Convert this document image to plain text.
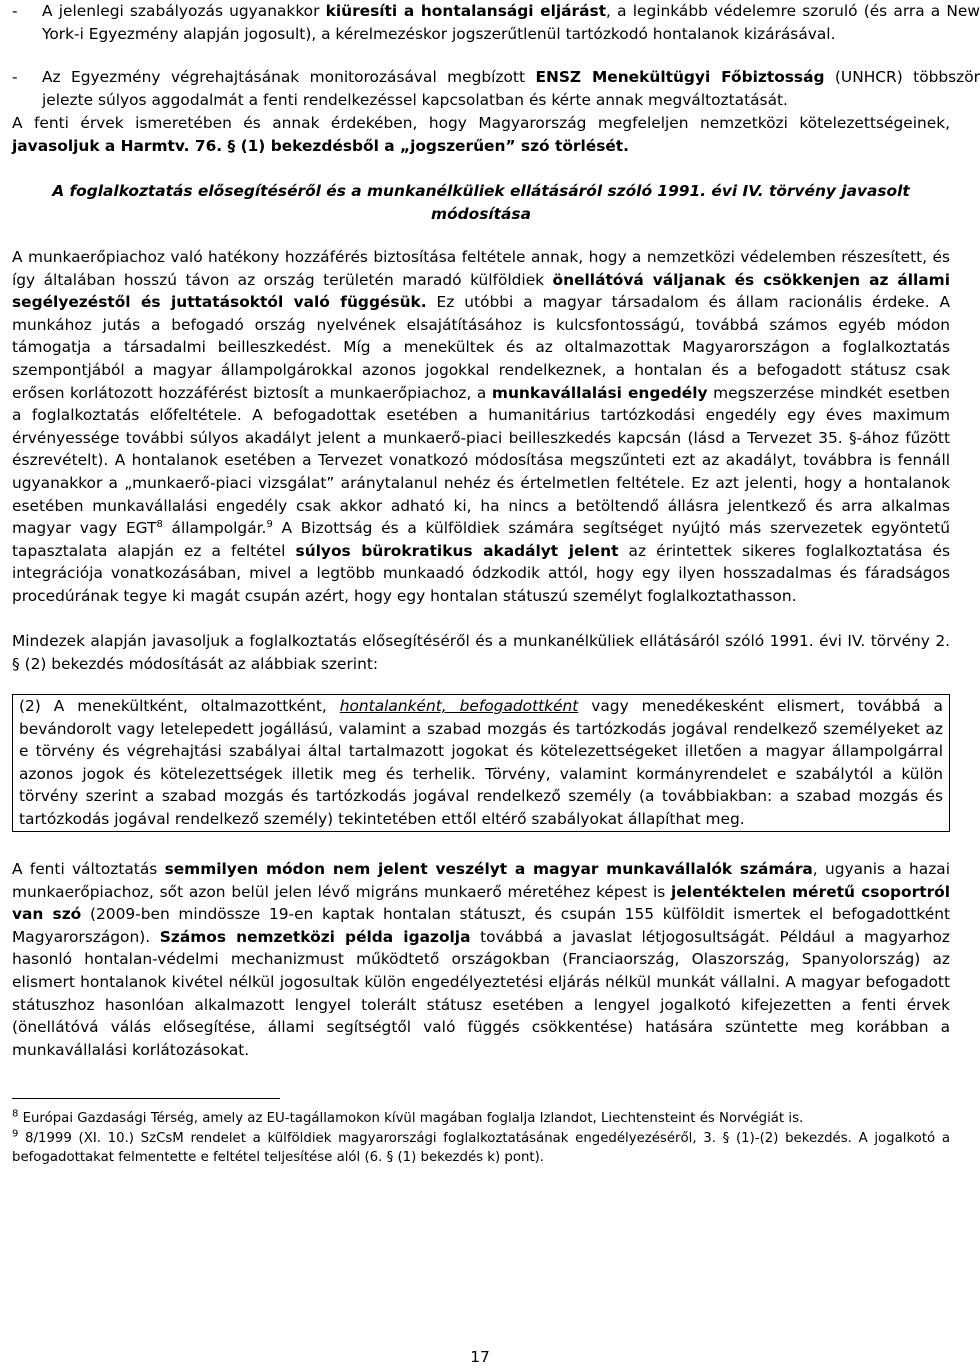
- A jelenlegi szabályozás ugyanakkor kiüresíti a hontalansági eljárást, a leginkább védelemre szoruló (és arra a New York-i Egyezmény alapján jogosult), a kérelmezéskor jogszerűtlenül tartózkodó hontalanok kizárásával.

- Az Egyezmény végrehajtásának monitorozásával megbízott ENSZ Menekültügyi Főbiztosság (UNHCR) többször jelezte súlyos aggodalmát a fenti rendelkezéssel kapcsolatban és kérte annak megváltoztatását.

A fenti érvek ismeretében és annak érdekében, hogy Magyarország megfeleljen nemzetközi kötelezettségeinek, javasoljuk a Harmtv. 76. § (1) bekezdésből a „jogszerűen” szó törlését.

A foglalkoztatás elősegítéséről és a munkanélküliek ellátásáról szóló 1991. évi IV. törvény javasolt

módosítása

A munkaerőpiachoz való hatékony hozzáférés biztosítása feltétele annak, hogy a nemzetközi védelemben részesített, és így általában hosszú távon az ország területén maradó külföldiek önellátóvá váljanak és csökkenjen az állami segélyezéstől és juttatásoktól való függésük. Ez utóbbi a magyar társadalom és állam racionális érdeke. A munkához jutás a befogadó ország nyelvének elsajátításához is kulcsfontosságú, továbbá számos egyéb módon támogatja a társadalmi beilleszkedést. Míg a menekültek és az oltalmazottak Magyarországon a foglalkoztatás szempontjából a magyar állampolgárokkal azonos jogokkal rendelkeznek, a hontalan és a befogadott státusz csak erősen korlátozott hozzáférést biztosít a munkaerőpiachoz, a munkavállalási engedély megszerzése mindkét esetben a foglalkoztatás előfeltétele. A befogadottak esetében a humanitárius tartózkodási engedély egy éves maximum érvényessége további súlyos akadályt jelent a munkaerő-piaci beilleszkedés kapcsán (lásd a Tervezet 35. §-ához fűzött észrevételt). A hontalanok esetében a Tervezet vonatkozó módosítása megszűnteti ezt az akadályt, továbbra is fennáll ugyanakkor a „munkaerő-piaci vizsgálat” aránytalanul nehéz és értelmetlen feltétele. Ez azt jelenti, hogy a hontalanok esetében munkavállalási engedély csak akkor adható ki, ha nincs a betöltendő állásra jelentkező és arra alkalmas magyar vagy EGT$^8$ állampolgár.$^9$ A Bizottság és a külföldiek számára segítséget nyújtó más szervezetek egyöntetű tapasztalata alapján ez a feltétel súlyos bürokratikus akadályt jelent az érintettek sikeres foglalkoztatása és integrációja vonatkozásában, mivel a legtöbb munkaadó ódzkodik attól, hogy egy ilyen hosszadalmas és fáradságos procedúrának tegye ki magát csupán azért, hogy egy hontalan státuszú személyt foglalkoztathasson.

Mindezek alapján javasoljuk a foglalkoztatás elősegítéséről és a munkanélküliek ellátásáról szóló 1991. évi IV. törvény 2. § (2) bekezdés módosítását az alábbiak szerint:

(2) A menekültként, oltalmazottként, hontalanként, befogadottként vagy menedékesként elismert, továbbá a bevándorolt vagy letelepedett jogállású, valamint a szabad mozgás és tartózkodás jogával rendelkező személyeket az e törvény és végrehajtási szabályai által tartalmazott jogokat és kötelezettségeket illetően a magyar állampolgárral azonos jogok és kötelezettségek illetik meg és terhelik. Törvény, valamint kormányrendelet e szabálytól a külön törvény szerint a szabad mozgás és tartózkodás jogával rendelkező személy (a továbbiakban: a szabad mozgás és tartózkodás jogával rendelkező személy) tekintetében ettől eltérő szabályokat állapíthat meg.

A fenti változtatás semmilyen módon nem jelent veszélyt a magyar munkavállalók számára, ugyanis a hazai munkaerőpiachoz, sőt azon belül jelen lévő migráns munkaerő méretéhez képest is jelentéktelen méretű csoportról van szó (2009-ben mindössze 19-en kaptak hontalan státuszt, és csupán 155 külföldit ismertek el befogadottként Magyarországon). Számos nemzetközi példa igazolja továbbá a javaslat létjogosultságát. Például a magyarhoz hasonló hontalan-védelmi mechanizmust működtető országokban (Franciaország, Olaszország, Spanyolország) az elismert hontalanok kivétel nélkül jogosultak külön engedélyeztetési eljárás nélkül munkát vállalni. A magyar befogadott státuszhoz hasonlóan alkalmazott lengyel tolerált státusz esetében a lengyel jogalkotó kifejezetten a fenti érvek (önellátóvá válás elősegítése, állami segítségtől való függés csökkentése) hatására szüntette meg korábban a munkavállalási korlátozásokat.

$^8$ Európai Gazdasági Térség, amely az EU-tagállamokon kívül magában foglalja Izlandot, Liechtensteint és Norvégiát is.

$^9$ 8/1999 (XI. 10.) SzCsM rendelet a külföldiek magyarországi foglalkoztatásának engedélyezéséről, 3. § (1)-(2) bekezdés. A jogalkotó a befogadottakat felmentette e feltétel teljesítése alól (6. § (1) bekezdés k) pont).

17
